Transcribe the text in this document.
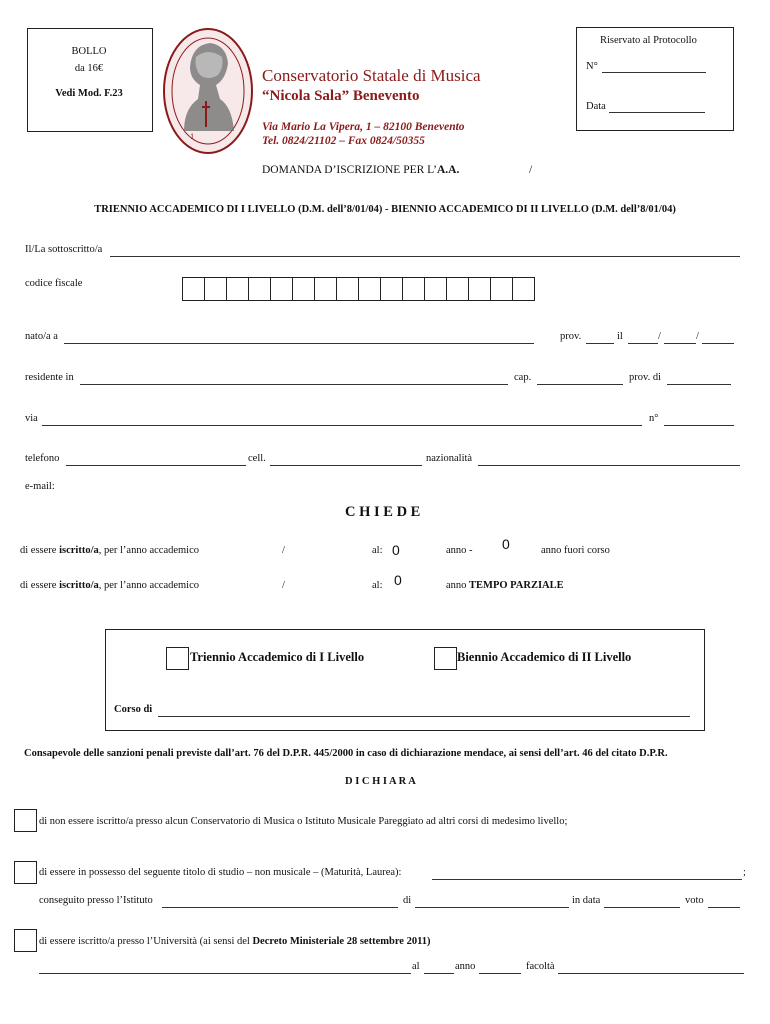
BOLLO
da 16€
Vedi Mod. F.23
1
Conservatorio Statale di Musica
“Nicola Sala” Benevento
Via Mario La Vipera, 1 – 82100 Benevento
Tel. 0824/21102 – Fax 0824/50355
DOMANDA D’ISCRIZIONE PER L’A.A.	/
Riservato al Protocollo
N°
Data
TRIENNIO ACCADEMICO DI I LIVELLO (D.M. dell’8/01/04) - BIENNIO ACCADEMICO DI II LIVELLO (D.M. dell’8/01/04)
Il/La sottoscritto/a
codice fiscale
nato/a a	prov.	il	/	/
residente in	cap.	prov. di
via	n°
telefono	cell.	nazionalità
e-mail:
C H I E D E
di essere iscritto/a, per l’anno accademico	/	al: 0	anno - 0	anno fuori corso
di essere iscritto/a, per l’anno accademico	/	al: 0	anno TEMPO PARZIALE
Triennio Accademico di I Livello	Biennio Accademico di II Livello
Corso di
Consapevole delle sanzioni penali previste dall’art. 76 del D.P.R. 445/2000 in caso di dichiarazione mendace, ai sensi dell’art. 46 del citato D.P.R.
D I C H I A R A
di non essere iscritto/a presso alcun Conservatorio di Musica o Istituto Musicale Pareggiato ad altri corsi di medesimo livello;
di essere in possesso del seguente titolo di studio – non musicale – (Maturità, Laurea):	;
conseguito presso l’Istituto	di	in data	voto
di essere iscritto/a presso l’Università (ai sensi del Decreto Ministeriale 28 settembre 2011)
al	anno	facoltà
